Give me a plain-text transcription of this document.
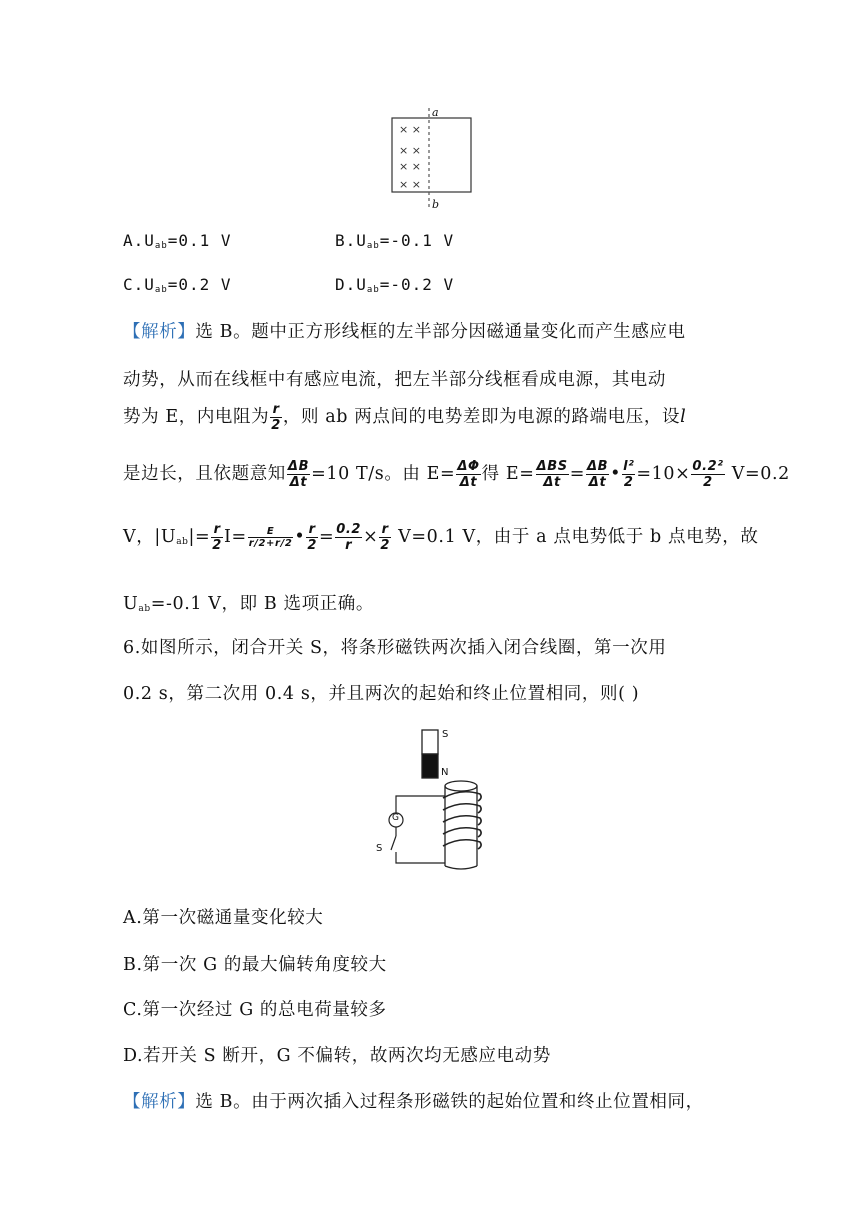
× ×
× ×
× ×
× ×
a
b
$A.U_{ab}=0.1$ V	$B.U_{ab}=-0.1$ V
$C.U_{ab}=0.2$ V	$D.U_{ab}=-0.2$ V
【解析】选 B。题中正方形线框的左半部分因磁通量变化而产生感应电
动势，从而在线框中有感应电流，把左半部分线框看成电源，其电动
势为 E，内电阻为 $\frac{r}{2}$ ，则 ab 两点间的电势差即为电源的路端电压，设l
是边长，且依题意知 $\frac{\Delta B}{\Delta t} =10$ T/s。由 $E= \frac{\Delta\Phi}{\Delta t}$ 得 $E= \frac{\text{ΔBS}}{\Delta t} = \frac{\Delta B}{\Delta t}$ • $\frac{\text{l²}}{2} =10\times \frac{\text{0.2²}}{2} V=0.2$
V，$|U_{ab}|= \frac{r}{2} I= \frac{E}{r/2+r/2}$ • $\frac{r}{2} = \frac{0.2}{r} \times \frac{r}{2} V=0.1$ V，由于 a 点电势低于 b 点电势，故
$U_{ab}=-0.1$ V，即 B 选项正确。
6.如图所示，闭合开关 S，将条形磁铁两次插入闭合线圈，第一次用
0.2 s，第二次用 0.4 s，并且两次的起始和终止位置相同，则( )
S
N
G
S
A.第一次磁通量变化较大
B.第一次 G 的最大偏转角度较大
C.第一次经过 G 的总电荷量较多
D.若开关 S 断开，G 不偏转，故两次均无感应电动势
【解析】选 B。由于两次插入过程条形磁铁的起始位置和终止位置相同，
